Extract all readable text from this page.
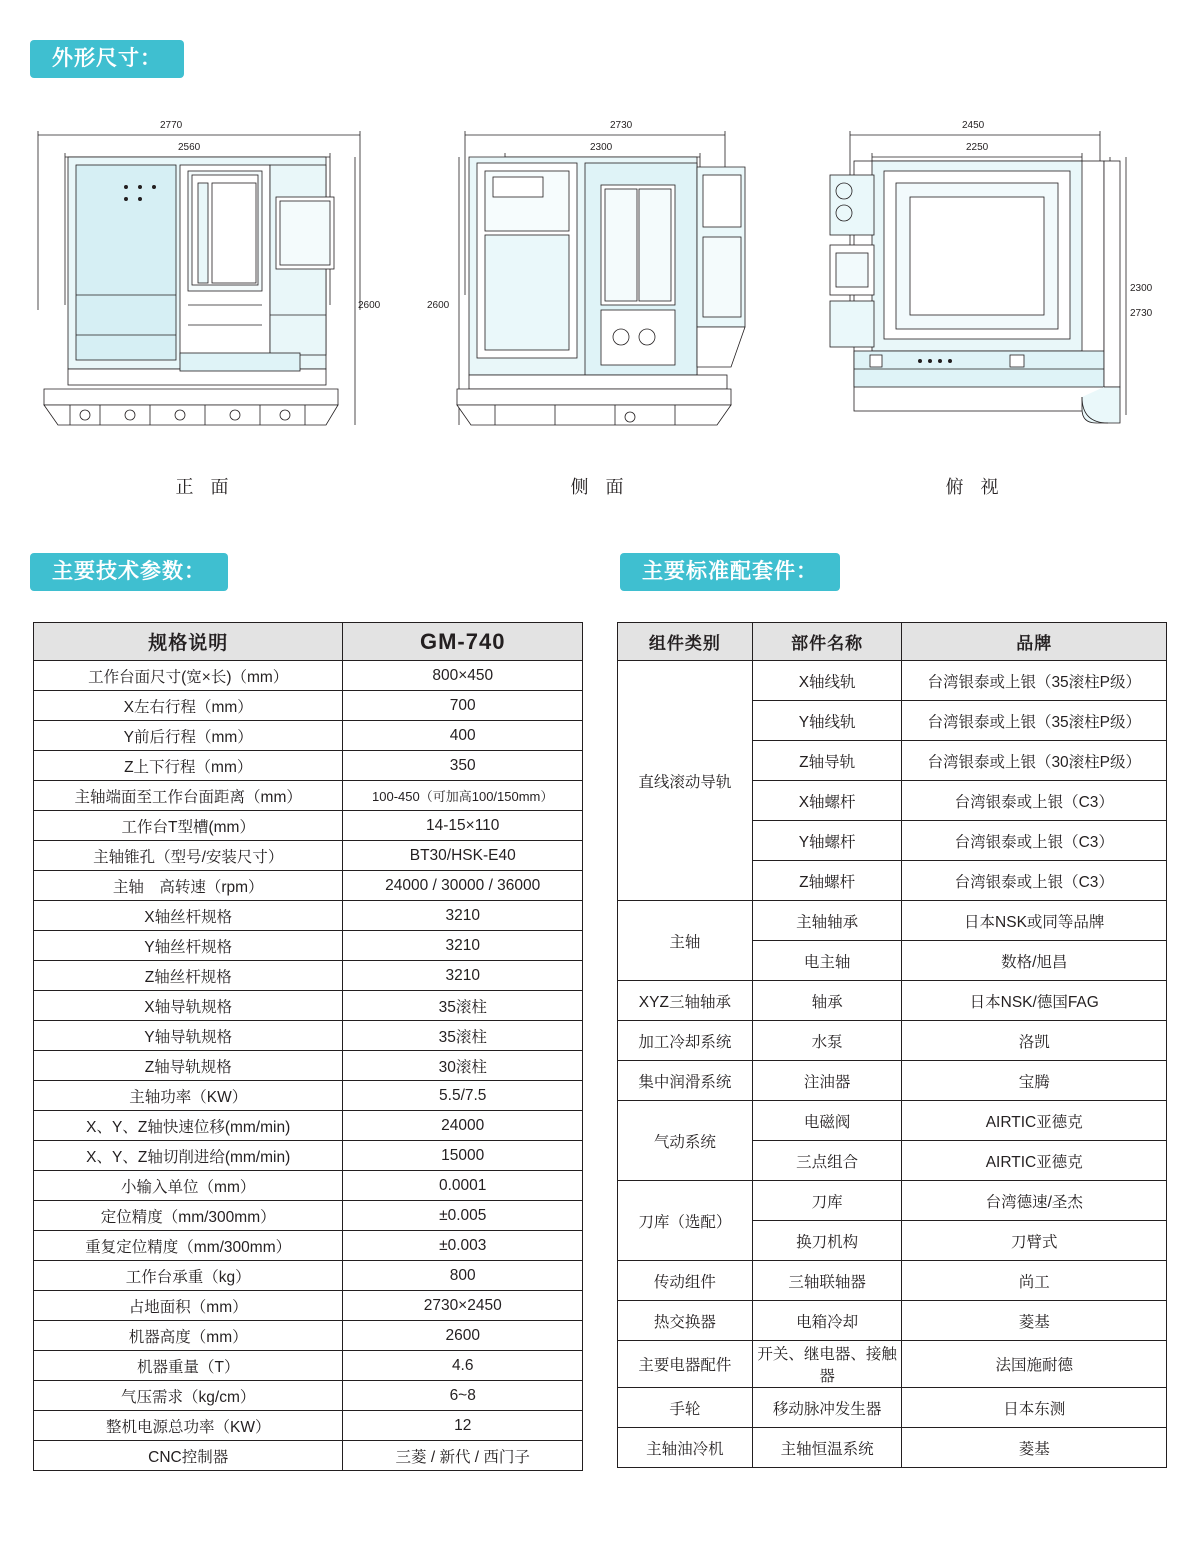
外形尺寸：
2770
2560
2600
正 面
2730
2300
2600
侧 面
2450
2250
2300
2730
俯 视
主要技术参数：	主要标准配套件：
规格说明	GM-740
工作台面尺寸(宽×长)（mm）	800×450
X左右行程（mm）	700
Y前后行程（mm）	400
Z上下行程（mm）	350
主轴端面至工作台面距离（mm）	100-450（可加高100/150mm）
工作台T型槽(mm）	14-15×110
主轴锥孔（型号/安装尺寸）	BT30/HSK-E40
主轴　高转速（rpm）	24000 / 30000 / 36000
X轴丝杆规格	3210
Y轴丝杆规格	3210
Z轴丝杆规格	3210
X轴导轨规格	35滚柱
Y轴导轨规格	35滚柱
Z轴导轨规格	30滚柱
主轴功率（KW）	5.5/7.5
X、Y、Z轴快速位移(mm/min)	24000
X、Y、Z轴切削进给(mm/min)	15000
小输入单位（mm）	0.0001
定位精度（mm/300mm）	±0.005
重复定位精度（mm/300mm）	±0.003
工作台承重（kg）	800
占地面积（mm）	2730×2450
机器高度（mm）	2600
机器重量（T）	4.6
气压需求（kg/cm）	6~8
整机电源总功率（KW）	12
CNC控制器	三菱 / 新代 / 西门子
组件类别	部件名称	品牌
直线滚动导轨	X轴线轨	台湾银泰或上银（35滚柱P级）
	Y轴线轨	台湾银泰或上银（35滚柱P级）
	Z轴导轨	台湾银泰或上银（30滚柱P级）
	X轴螺杆	台湾银泰或上银（C3）
	Y轴螺杆	台湾银泰或上银（C3）
	Z轴螺杆	台湾银泰或上银（C3）
主轴	主轴轴承	日本NSK或同等品牌
	电主轴	数格/旭昌
XYZ三轴轴承	轴承	日本NSK/德国FAG
加工冷却系统	水泵	洛凯
集中润滑系统	注油器	宝腾
气动系统	电磁阀	AIRTIC亚德克
	三点组合	AIRTIC亚德克
刀库（选配）	刀库	台湾德速/圣杰
	换刀机构	刀臂式
传动组件	三轴联轴器	尚工
热交换器	电箱冷却	菱基
主要电器配件	开关、继电器、接触器	法国施耐德
手轮	移动脉冲发生器	日本东测
主轴油冷机	主轴恒温系统	菱基
